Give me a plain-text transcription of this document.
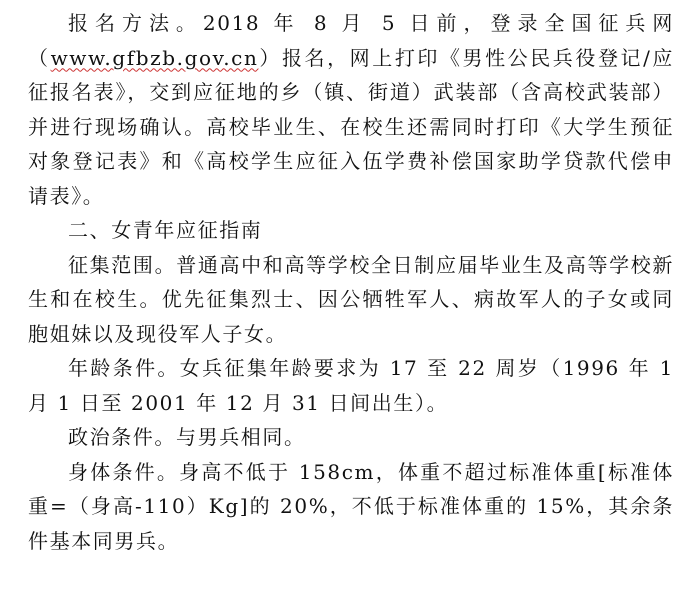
报名方法。2018 年 8 月 5 日前，登录全国征兵网（www.gfbzb.gov.cn）报名，网上打印《男性公民兵役登记/应征报名表》，交到应征地的乡（镇、街道）武装部（含高校武装部）并进行现场确认。高校毕业生、在校生还需同时打印《大学生预征对象登记表》和《高校学生应征入伍学费补偿国家助学贷款代偿申请表》。

二、女青年应征指南

征集范围。普通高中和高等学校全日制应届毕业生及高等学校新生和在校生。优先征集烈士、因公牺牲军人、病故军人的子女或同胞姐妹以及现役军人子女。

年龄条件。女兵征集年龄要求为 17 至 22 周岁（1996 年 1 月 1 日至 2001 年 12 月 31 日间出生）。

政治条件。与男兵相同。

身体条件。身高不低于 158cm，体重不超过标准体重[标准体重=（身高-110）Kg]的 20%，不低于标准体重的 15%，其余条件基本同男兵。
